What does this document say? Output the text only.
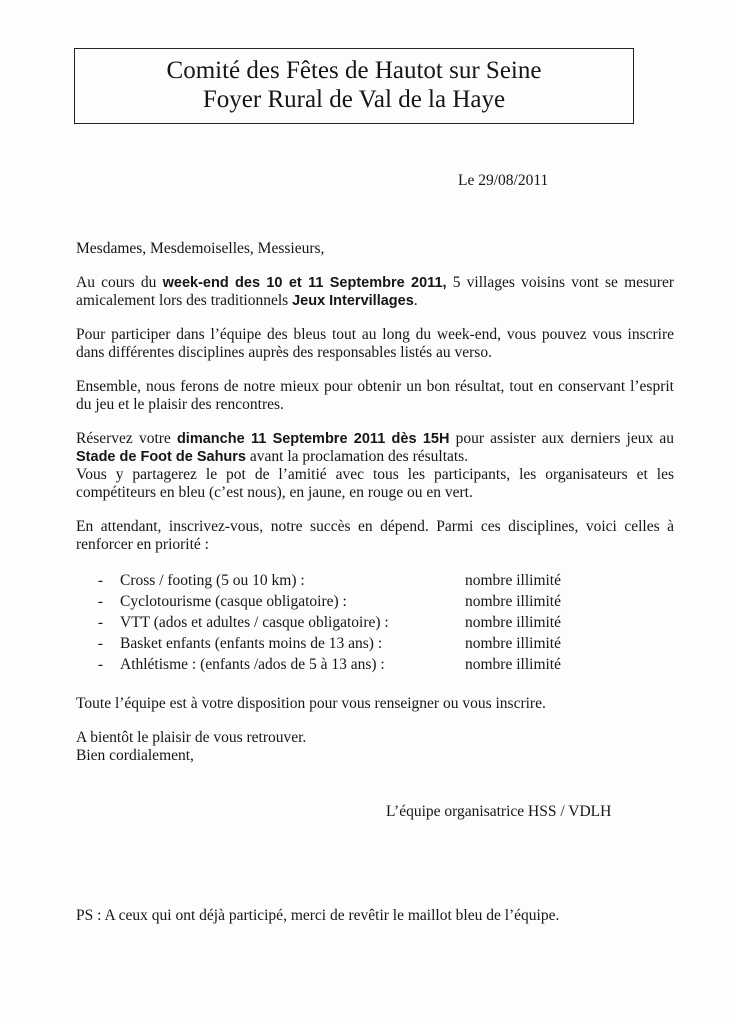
Comité des Fêtes de Hautot sur Seine
Foyer Rural de Val de la Haye
Le 29/08/2011

Mesdames, Mesdemoiselles, Messieurs,

Au cours du week-end des 10 et 11 Septembre 2011, 5 villages voisins vont se mesurer amicalement lors des traditionnels Jeux Intervillages.

Pour participer dans l’équipe des bleus tout au long du week-end, vous pouvez vous inscrire dans différentes disciplines auprès des responsables listés au verso.

Ensemble, nous ferons de notre mieux pour obtenir un bon résultat, tout en conservant l’esprit du jeu et le plaisir des rencontres.

Réservez votre dimanche 11 Septembre 2011 dès 15H pour assister aux derniers jeux au Stade de Foot de Sahurs avant la proclamation des résultats.

Vous y partagerez le pot de l’amitié avec tous les participants, les organisateurs et les compétiteurs en bleu (c’est nous), en jaune, en rouge ou en vert.

En attendant, inscrivez-vous, notre succès en dépend. Parmi ces disciplines, voici celles à renforcer en priorité :

-	Cross / footing (5 ou 10 km) :	nombre illimité
-	Cyclotourisme (casque obligatoire) :	nombre illimité
-	VTT (ados et adultes / casque obligatoire) :	nombre illimité
-	Basket enfants (enfants moins de 13 ans) :	nombre illimité
-	Athlétisme : (enfants /ados de 5 à 13 ans) :	nombre illimité

Toute l’équipe est à votre disposition pour vous renseigner ou vous inscrire.

A bientôt le plaisir de vous retrouver.

Bien cordialement,

L’équipe organisatrice HSS / VDLH
PS : A ceux qui ont déjà participé, merci de revêtir le maillot bleu de l’équipe.
